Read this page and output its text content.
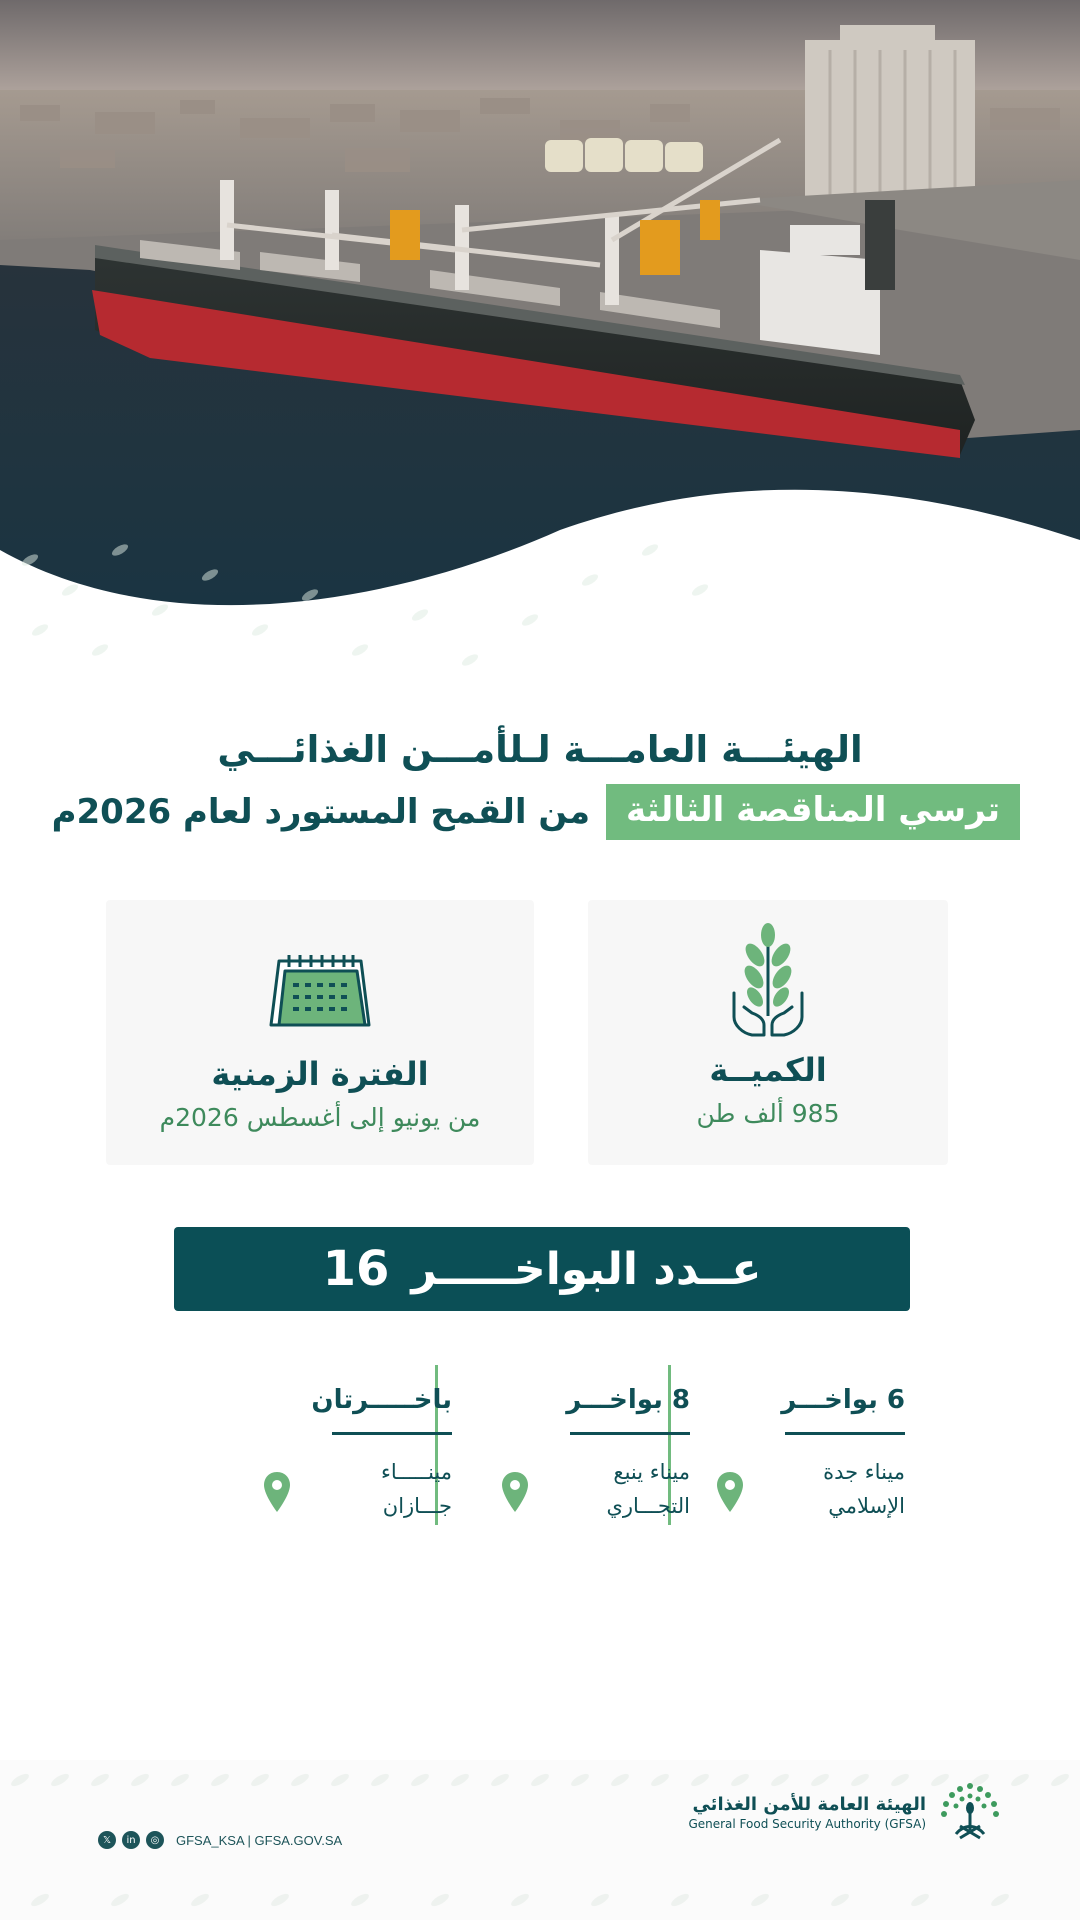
الهيئـــة العامـــة لـلأمـــن الغذائـــي
ترسي المناقصة الثالثة
من القمح المستورد لعام 2026م
الكميــة
985 ألف طن
الفترة الزمنية
من يونيو إلى أغسطس 2026م
عــدد البواخـــــر
16
6 بواخـــر
ميناء جدة
الإسلامي
8 بواخـــر
ميناء ينبع
التجـــاري
باخـــــرتان
مينـــــاء
جـــازان
الهيئة العامة للأمن الغذائي
General Food Security Authority (GFSA)
𝕏	in	◎	GFSA_KSA | GFSA.GOV.SA
